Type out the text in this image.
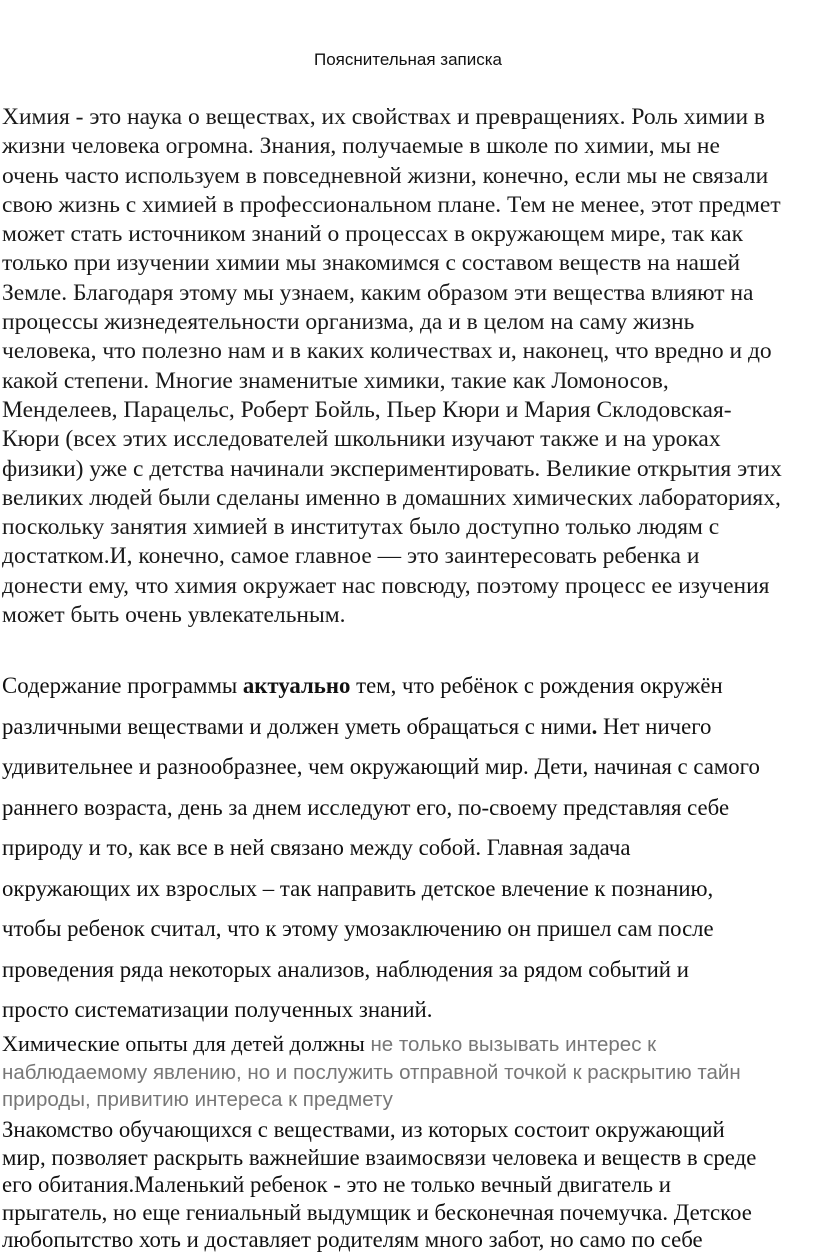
Пояснительная записка

Химия - это наука о веществах, их свойствах и превращениях. Роль химии в
жизни человека огромна. Знания, получаемые в школе по химии, мы не
очень часто используем в повседневной жизни, конечно, если мы не связали
свою жизнь с химией в профессиональном плане. Тем не менее, этот предмет
может стать источником знаний о процессах в окружающем мире, так как
только при изучении химии мы знакомимся с составом веществ на нашей
Земле. Благодаря этому мы узнаем, каким образом эти вещества влияют на
процессы жизнедеятельности организма, да и в целом на саму жизнь
человека, что полезно нам и в каких количествах и, наконец, что вредно и до
какой степени. Многие знаменитые химики, такие как Ломоносов,
Менделеев, Парацельс, Роберт Бойль, Пьер Кюри и Мария Склодовская-
Кюри (всех этих исследователей школьники изучают также и на уроках
физики) уже с детства начинали экспериментировать. Великие открытия этих
великих людей были сделаны именно в домашних химических лабораториях,
поскольку занятия химией в институтах было доступно только людям с
достатком.И, конечно, самое главное — это заинтересовать ребенка и
донести ему, что химия окружает нас повсюду, поэтому процесс ее изучения
может быть очень увлекательным.

Содержание программы актуально тем, что ребёнок с рождения окружён
различными веществами и должен уметь обращаться с ними. Нет ничего
удивительнее и разнообразнее, чем окружающий мир. Дети, начиная с самого
раннего возраста, день за днем исследуют его, по-своему представляя себе
природу и то, как все в ней связано между собой. Главная задача
окружающих их взрослых – так направить детское влечение к познанию,
чтобы ребенок считал, что к этому умозаключению он пришел сам после
проведения ряда некоторых анализов, наблюдения за рядом событий и
просто систематизации полученных знаний.

Химические опыты для детей должны не только вызывать интерес к
наблюдаемому явлению, но и послужить отправной точкой к раскрытию тайн
природы, привитию интереса к предмету

Знакомство обучающихся с веществами, из которых состоит окружающий
мир, позволяет раскрыть важнейшие взаимосвязи человека и веществ в среде
его обитания.Маленький ребенок - это не только вечный двигатель и
прыгатель, но еще гениальный выдумщик и бесконечная почемучка. Детское
любопытство хоть и доставляет родителям много забот, но само по себе
